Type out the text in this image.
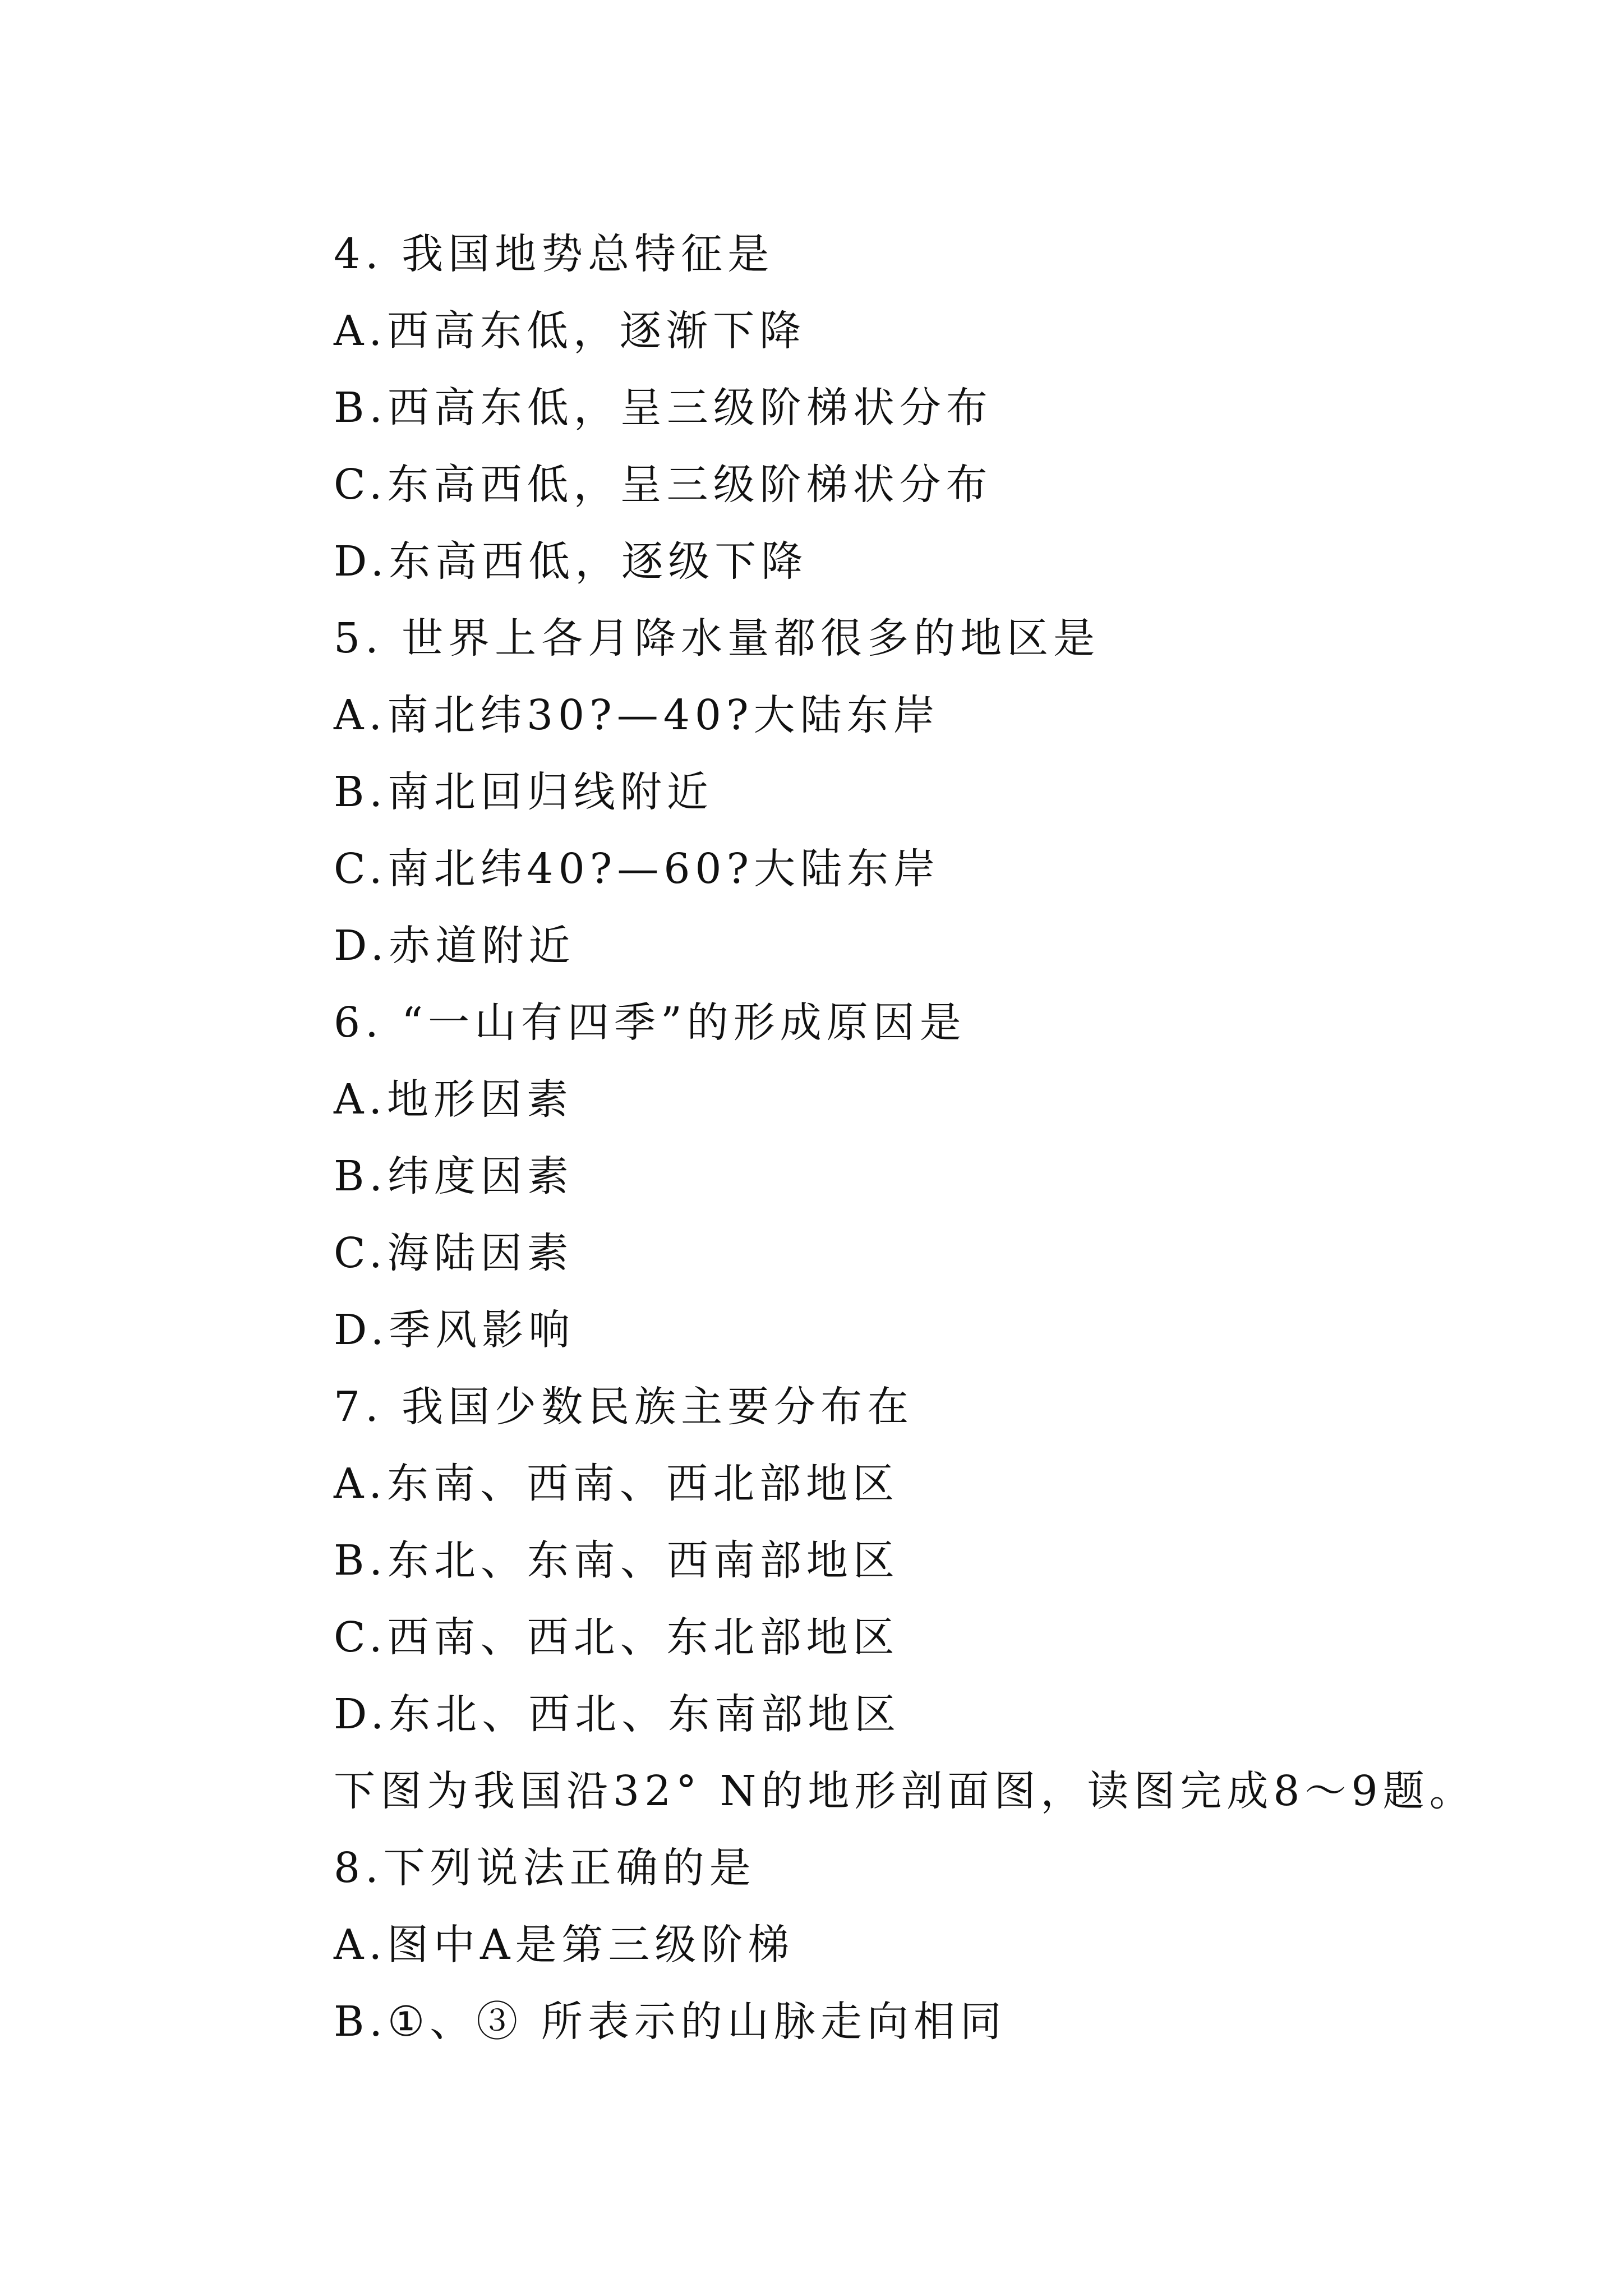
4. 我国地势总特征是
A.西高东低，逐渐下降
B.西高东低，呈三级阶梯状分布
C.东高西低，呈三级阶梯状分布
D.东高西低，逐级下降
5. 世界上各月降水量都很多的地区是
A.南北纬30?—40?大陆东岸
B.南北回归线附近
C.南北纬40?—60?大陆东岸
D.赤道附近
6. “一山有四季”的形成原因是
A.地形因素
B.纬度因素
C.海陆因素
D.季风影响
7. 我国少数民族主要分布在
A.东南、西南、西北部地区
B.东北、东南、西南部地区
C.西南、西北、东北部地区
D.东北、西北、东南部地区
下图为我国沿32° N的地形剖面图，读图完成8～9题。
8.下列说法正确的是
A.图中A是第三级阶梯
B.①、③ 所表示的山脉走向相同
